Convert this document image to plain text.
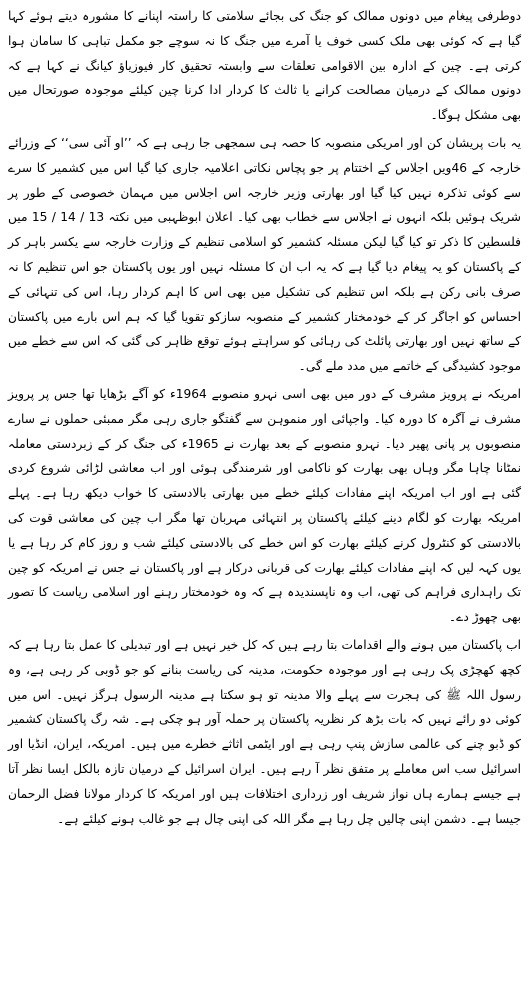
دوطرفی پیغام میں دونوں ممالک کو جنگ کی بجائے سلامتی کا راستہ اپنانے کا مشورہ دیتے ہوئے کہا گیا ہے کہ کوئی بھی ملک کسی خوف یا آمرے میں جنگ کا نہ سوچے جو مکمل تباہی کا سامان ہوا کرتی ہے۔ چین کے ادارہ بین الاقوامی تعلقات سے وابستہ تحقیق کار فیوزیاؤ کیانگ نے کہا ہے کہ دونوں ممالک کے درمیان مصالحت کرانے یا ثالث کا کردار ادا کرنا چین کیلئے موجودہ صورتحال میں بھی مشکل ہوگا۔

یہ بات پریشان کن اور امریکی منصوبہ کا حصہ ہی سمجھی جا رہی ہے کہ ’’او آئی سی‘‘ کے وزرائے خارجہ کے 46ویں اجلاس کے اختتام پر جو پچاس نکاتی اعلامیہ جاری کیا گیا اس میں کشمیر کا سرے سے کوئی تذکرہ نہیں کیا گیا اور بھارتی وزیر خارجہ اس اجلاس میں مہمان خصوصی کے طور پر شریک ہوئیں بلکہ انہوں نے اجلاس سے خطاب بھی کیا۔ اعلان ابوظہبی میں نکتہ 13 / 14 / 15 میں فلسطین کا ذکر تو کیا گیا لیکن مسئلہ کشمیر کو اسلامی تنظیم کے وزارت خارجہ سے یکسر باہر کر کے پاکستان کو یہ پیغام دیا گیا ہے کہ یہ اب ان کا مسئلہ نہیں اور یوں پاکستان جو اس تنظیم کا نہ صرف بانی رکن ہے بلکہ اس تنظیم کی تشکیل میں بھی اس کا اہم کردار رہا، اس کی تنہائی کے احساس کو اجاگر کر کے خودمختار کشمیر کے منصوبہ سازکو تقویا گیا کہ ہم اس بارے میں پاکستان کے ساتھ نہیں اور بھارتی پائلٹ کی رہائی کو سراہتے ہوئے توقع ظاہر کی گئی کہ اس سے خطے میں موجود کشیدگی کے خاتمے میں مدد ملے گی۔

امریکہ نے پرویز مشرف کے دور میں بھی اسی نہرو منصوبے 1964ء کو آگے بڑھایا تھا جس پر پرویز مشرف نے آگرہ کا دورہ کیا۔ واجپائی اور منموہن سے گفتگو جاری رہی مگر ممبئی حملوں نے سارے منصوبوں پر پانی پھیر دیا۔ نہرو منصوبے کے بعد بھارت نے 1965ء کی جنگ کر کے زبردستی معاملہ نمٹانا چاہا مگر وہاں بھی بھارت کو ناکامی اور شرمندگی ہوئی اور اب معاشی لڑائی شروع کردی گئی ہے اور اب امریکہ اپنے مفادات کیلئے خطے میں بھارتی بالادستی کا خواب دیکھ رہا ہے۔ پہلے امریکہ بھارت کو لگام دینے کیلئے پاکستان پر انتہائی مہربان تھا مگر اب چین کی معاشی قوت کی بالادستی کو کنٹرول کرنے کیلئے بھارت کو اس خطے کی بالادستی کیلئے شب و روز کام کر رہا ہے یا یوں کہہ لیں کہ اپنے مفادات کیلئے بھارت کی قربانی درکار ہے اور پاکستان نے جس نے امریکہ کو چین تک راہداری فراہم کی تھی، اب وہ ناپسندیدہ ہے کہ وہ خودمختار رہنے اور اسلامی ریاست کا تصور بھی چھوڑ دے۔

اب پاکستان میں ہونے والے اقدامات بتا رہے ہیں کہ کل خیر نہیں ہے اور تبدیلی کا عمل بتا رہا ہے کہ کچھ کھچڑی پک رہی ہے اور موجودہ حکومت، مدینہ کی ریاست بنانے کو جو ڈوبی کر رہی ہے، وہ رسول اللہ ﷺ کی ہجرت سے پہلے والا مدینہ تو ہو سکتا ہے مدینہ الرسول ہرگز نہیں۔ اس میں کوئی دو رائے نہیں کہ بات بڑھ کر نظریہ پاکستان پر حملہ آور ہو چکی ہے۔ شہ رگ پاکستان کشمیر کو ڈبو چنے کی عالمی سازش پنپ رہی ہے اور ایٹمی اثاثے خطرے میں ہیں۔ امریکہ، ایران، انڈیا اور اسرائیل سب اس معاملے پر متفق نظر آ رہے ہیں۔ ایران اسرائیل کے درمیان تازہ بالکل ایسا نظر آتا ہے جیسے ہمارے ہاں نواز شریف اور زرداری اختلافات ہیں اور امریکہ کا کردار مولانا فضل الرحمان جیسا ہے۔ دشمن اپنی چالیں چل رہا ہے مگر اللہ کی اپنی چال ہے جو غالب ہونے کیلئے ہے۔
